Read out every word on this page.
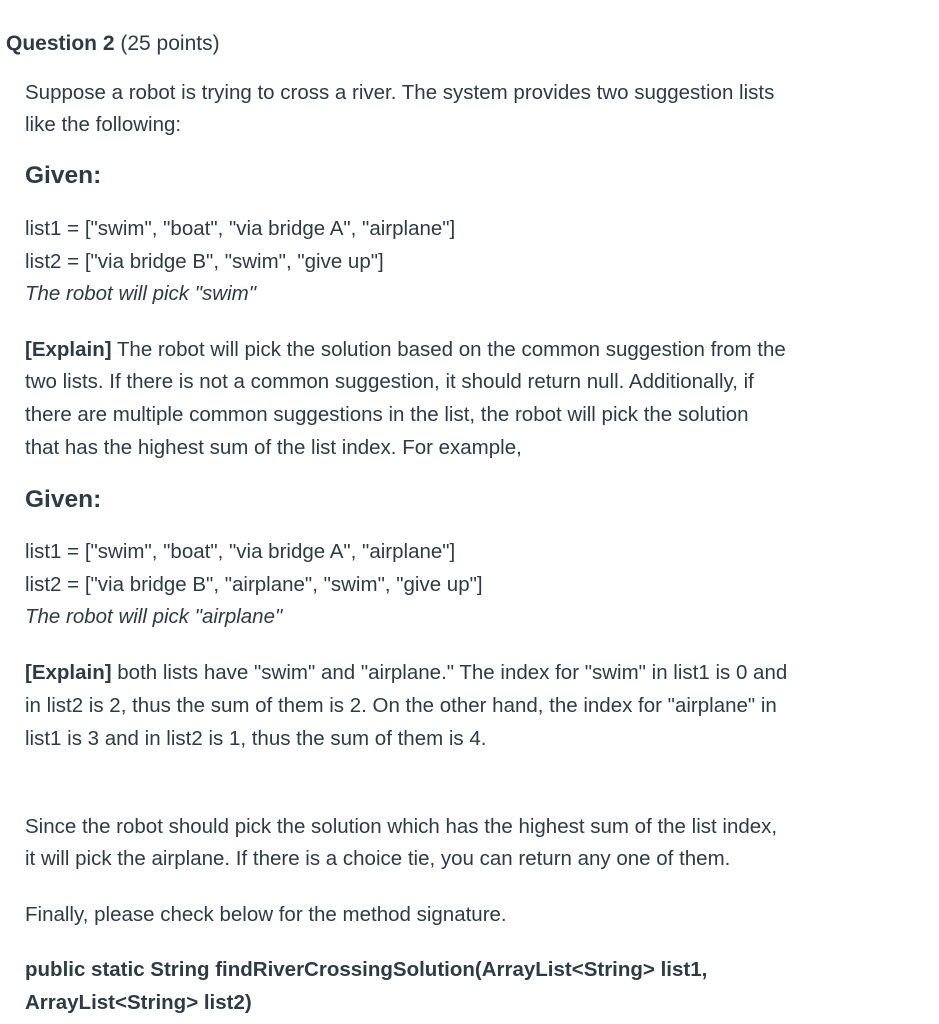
Question 2 (25 points)
Suppose a robot is trying to cross a river. The system provides two suggestion lists
like the following:
Given:
list1 = ["swim", "boat", "via bridge A", "airplane"]
list2 = ["via bridge B", "swim", "give up"]
The robot will pick "swim"
[Explain] The robot will pick the solution based on the common suggestion from the
two lists. If there is not a common suggestion, it should return null. Additionally, if
there are multiple common suggestions in the list, the robot will pick the solution
that has the highest sum of the list index. For example,
Given:
list1 = ["swim", "boat", "via bridge A", "airplane"]
list2 = ["via bridge B", "airplane", "swim", "give up"]
The robot will pick "airplane"
[Explain] both lists have "swim" and "airplane." The index for "swim" in list1 is 0 and
in list2 is 2, thus the sum of them is 2. On the other hand, the index for "airplane" in
list1 is 3 and in list2 is 1, thus the sum of them is 4.
Since the robot should pick the solution which has the highest sum of the list index,
it will pick the airplane. If there is a choice tie, you can return any one of them.
Finally, please check below for the method signature.
public static String findRiverCrossingSolution(ArrayList<String> list1,
ArrayList<String> list2)
